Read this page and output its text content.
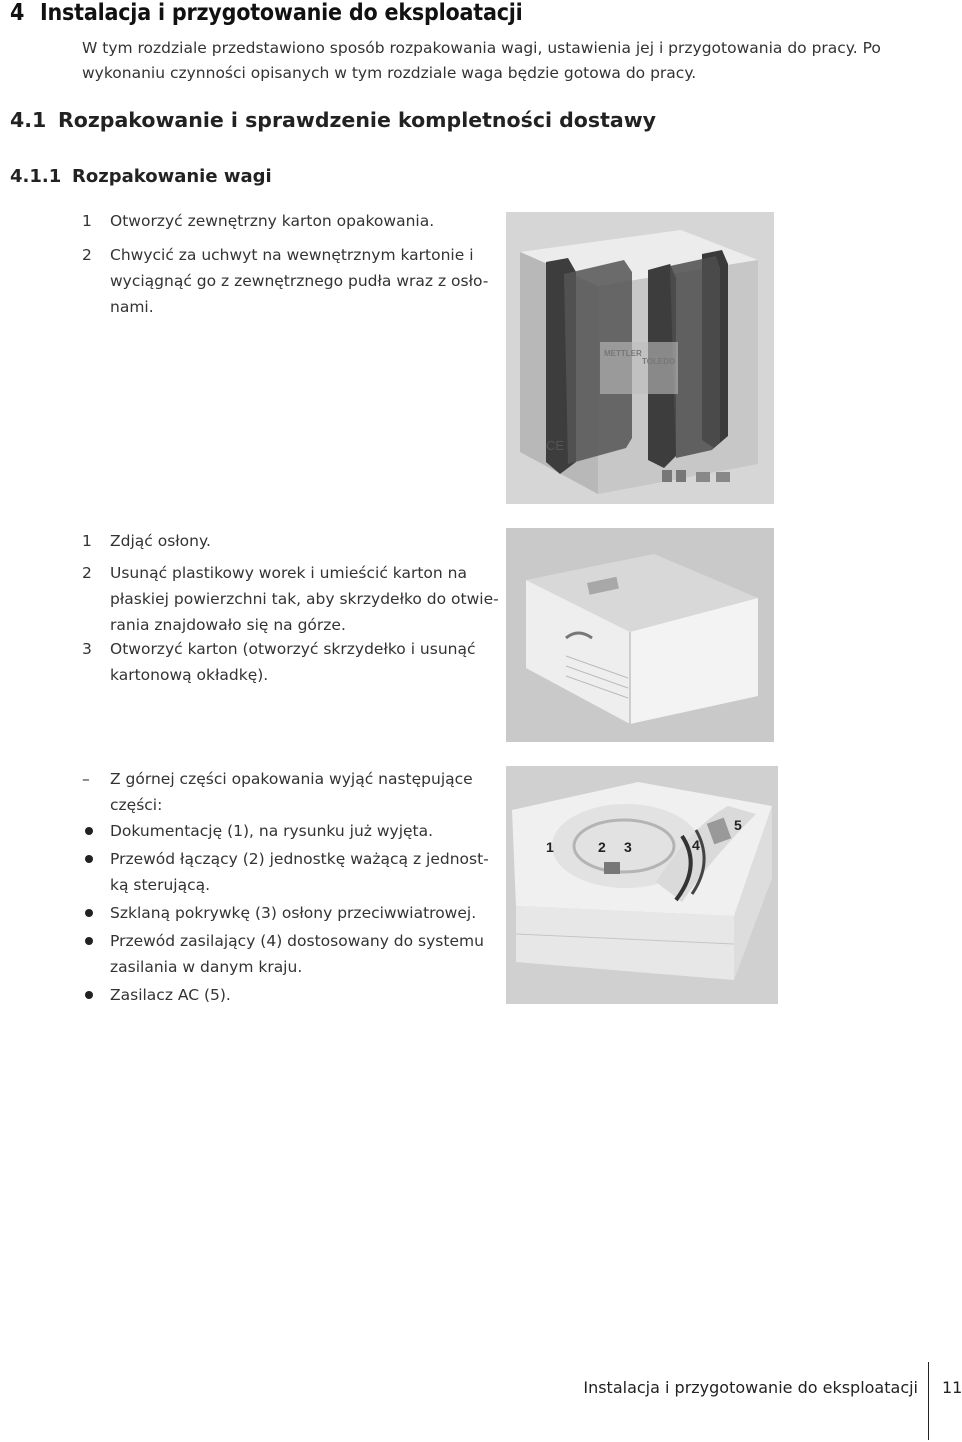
4 Instalacja i przygotowanie do eksploatacji
W tym rozdziale przedstawiono sposób rozpakowania wagi, ustawienia jej i przygotowania do pracy. Po wykonaniu czynności opisanych w tym rozdziale waga będzie gotowa do pracy.
4.1 Rozpakowanie i sprawdzenie kompletności dostawy
4.1.1 Rozpakowanie wagi
1	Otworzyć zewnętrzny karton opakowania.
2	Chwycić za uchwyt na wewnętrznym kartonie i wyciągnąć go z zewnętrznego pudła wraz z osło- nami.
METTLER
TOLEDO
CE
1	Zdjąć osłony.
2	Usunąć plastikowy worek i umieścić karton na płaskiej powierzchni tak, aby skrzydełko do otwie- rania znajdowało się na górze.
3	Otworzyć karton (otworzyć skrzydełko i usunąć kartonową okładkę).
– Z górnej części opakowania wyjąć następujące części:
Dokumentację (1), na rysunku już wyjęta.
Przewód łączący (2) jednostkę ważącą z jednost- ką sterującą.
Szklaną pokrywkę (3) osłony przeciwwiatrowej.
Przewód zasilający (4) dostosowany do systemu zasilania w danym kraju.
Zasilacz AC (5).
1	2 3	4
5
Instalacja i przygotowanie do eksploatacji 11
